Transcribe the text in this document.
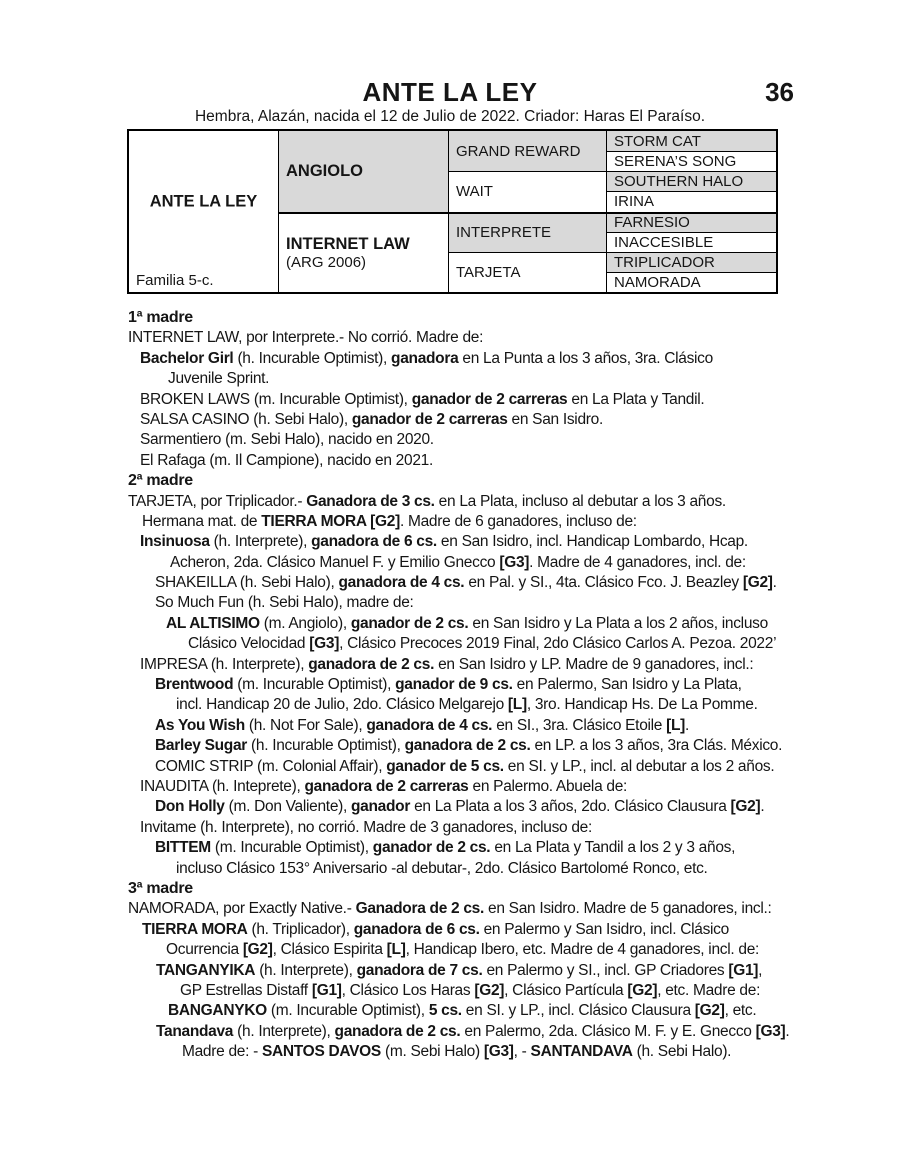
ANTE LA LEY	36
Hembra, Alazán, nacida el 12 de Julio de 2022. Criador: Haras El Paraíso.
ANTE LA LEY
Familia 5-c.
ANGIOLO
INTERNET LAW
(ARG 2006)
GRAND REWARD
WAIT
INTERPRETE
TARJETA
STORM CAT
SERENA’S SONG
SOUTHERN HALO
IRINA
FARNESIO
INACCESIBLE
TRIPLICADOR
NAMORADA
1ª madre
INTERNET LAW, por Interprete.- No corrió. Madre de:
Bachelor Girl (h. Incurable Optimist), ganadora en La Punta a los 3 años, 3ra. Clásico
Juvenile Sprint.
BROKEN LAWS (m. Incurable Optimist), ganador de 2 carreras en La Plata y Tandil.
SALSA CASINO (h. Sebi Halo), ganador de 2 carreras en San Isidro.
Sarmentiero (m. Sebi Halo), nacido en 2020.
El Rafaga (m. Il Campione), nacido en 2021.
2ª madre
TARJETA, por Triplicador.- Ganadora de 3 cs. en La Plata, incluso al debutar a los 3 años.
Hermana mat. de TIERRA MORA [G2]. Madre de 6 ganadores, incluso de:
Insinuosa (h. Interprete), ganadora de 6 cs. en San Isidro, incl. Handicap Lombardo, Hcap.
Acheron, 2da. Clásico Manuel F. y Emilio Gnecco [G3]. Madre de 4 ganadores, incl. de:
SHAKEILLA (h. Sebi Halo), ganadora de 4 cs. en Pal. y SI., 4ta. Clásico Fco. J. Beazley [G2].
So Much Fun (h. Sebi Halo), madre de:
AL ALTISIMO (m. Angiolo), ganador de 2 cs. en San Isidro y La Plata a los 2 años, incluso
Clásico Velocidad [G3], Clásico Precoces 2019 Final, 2do Clásico Carlos A. Pezoa. 2022’
IMPRESA (h. Interprete), ganadora de 2 cs. en San Isidro y LP. Madre de 9 ganadores, incl.:
Brentwood (m. Incurable Optimist), ganador de 9 cs. en Palermo, San Isidro y La Plata,
incl. Handicap 20 de Julio, 2do. Clásico Melgarejo [L], 3ro. Handicap Hs. De La Pomme.
As You Wish (h. Not For Sale), ganadora de 4 cs. en SI., 3ra. Clásico Etoile [L].
Barley Sugar (h. Incurable Optimist), ganadora de 2 cs. en LP. a los 3 años, 3ra Clás. México.
COMIC STRIP (m. Colonial Affair), ganador de 5 cs. en SI. y LP., incl. al debutar a los 2 años.
INAUDITA (h. Inteprete), ganadora de 2 carreras en Palermo. Abuela de:
Don Holly (m. Don Valiente), ganador en La Plata a los 3 años, 2do. Clásico Clausura [G2].
Invitame (h. Interprete), no corrió. Madre de 3 ganadores, incluso de:
BITTEM (m. Incurable Optimist), ganador de 2 cs. en La Plata y Tandil a los 2 y 3 años,
incluso Clásico 153° Aniversario -al debutar-, 2do. Clásico Bartolomé Ronco, etc.
3ª madre
NAMORADA, por Exactly Native.- Ganadora de 2 cs. en San Isidro. Madre de 5 ganadores, incl.:
TIERRA MORA (h. Triplicador), ganadora de 6 cs. en Palermo y San Isidro, incl. Clásico
Ocurrencia [G2], Clásico Espirita [L], Handicap Ibero, etc. Madre de 4 ganadores, incl. de:
TANGANYIKA (h. Interprete), ganadora de 7 cs. en Palermo y SI., incl. GP Criadores [G1],
GP Estrellas Distaff [G1], Clásico Los Haras [G2], Clásico Partícula [G2], etc. Madre de:
BANGANYKO (m. Incurable Optimist), 5 cs. en SI. y LP., incl. Clásico Clausura [G2], etc.
Tanandava (h. Interprete), ganadora de 2 cs. en Palermo, 2da. Clásico M. F. y E. Gnecco [G3].
Madre de: - SANTOS DAVOS (m. Sebi Halo) [G3], - SANTANDAVA (h. Sebi Halo).
